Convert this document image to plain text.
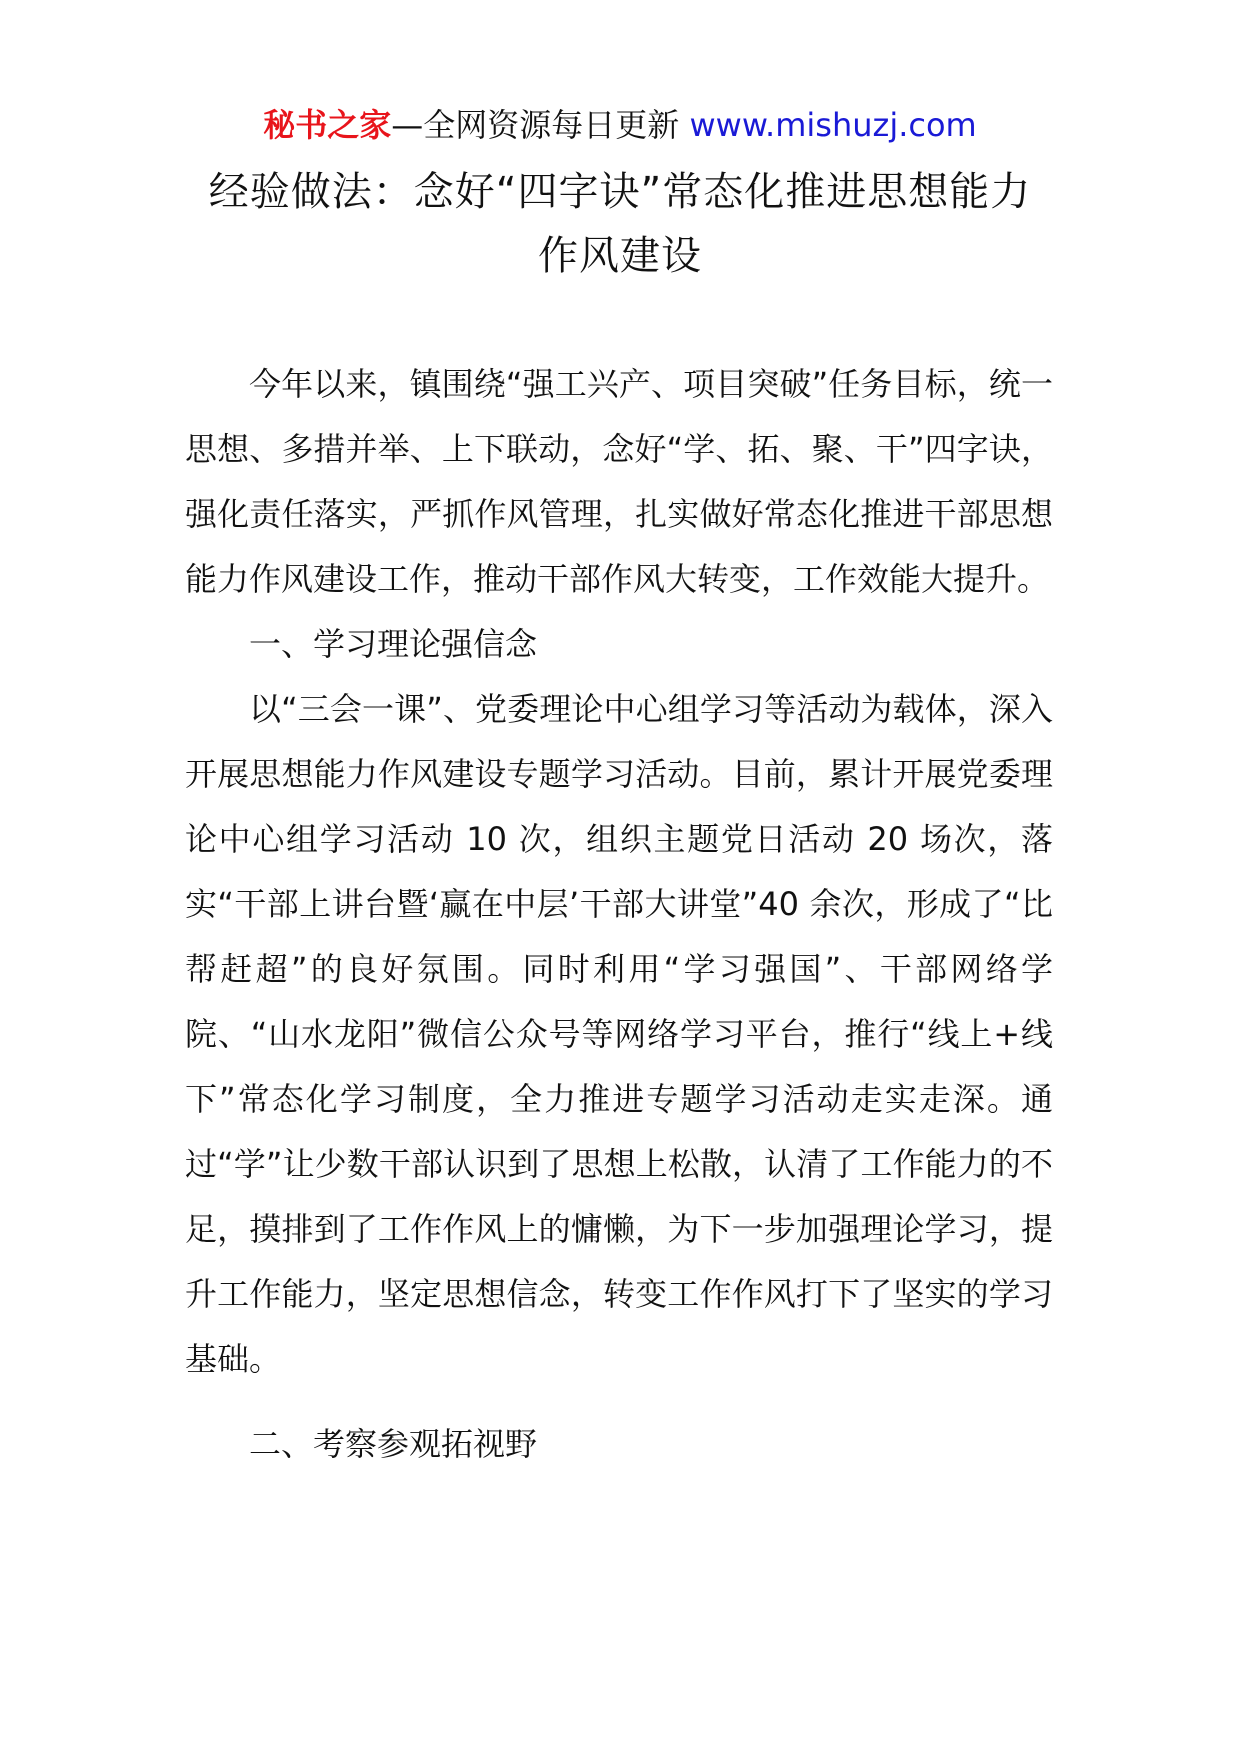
秘书之家—全网资源每日更新 www.mishuzj.com
经验做法：念好“四字诀”常态化推进思想能力作风建设

今年以来，镇围绕“强工兴产、项目突破”任务目标，统一思想、多措并举、上下联动，念好“学、拓、聚、干”四字诀，强化责任落实，严抓作风管理，扎实做好常态化推进干部思想能力作风建设工作，推动干部作风大转变，工作效能大提升。

一、学习理论强信念

以“三会一课”、党委理论中心组学习等活动为载体，深入开展思想能力作风建设专题学习活动。目前，累计开展党委理论中心组学习活动 10 次，组织主题党日活动 20 场次，落实“干部上讲台暨‘赢在中层’干部大讲堂”40 余次，形成了“比帮赶超”的良好氛围。同时利用“学习强国”、干部网络学院、“山水龙阳”微信公众号等网络学习平台，推行“线上+线下”常态化学习制度，全力推进专题学习活动走实走深。通过“学”让少数干部认识到了思想上松散，认清了工作能力的不足，摸排到了工作作风上的慵懒，为下一步加强理论学习，提升工作能力，坚定思想信念，转变工作作风打下了坚实的学习基础。

二、考察参观拓视野
